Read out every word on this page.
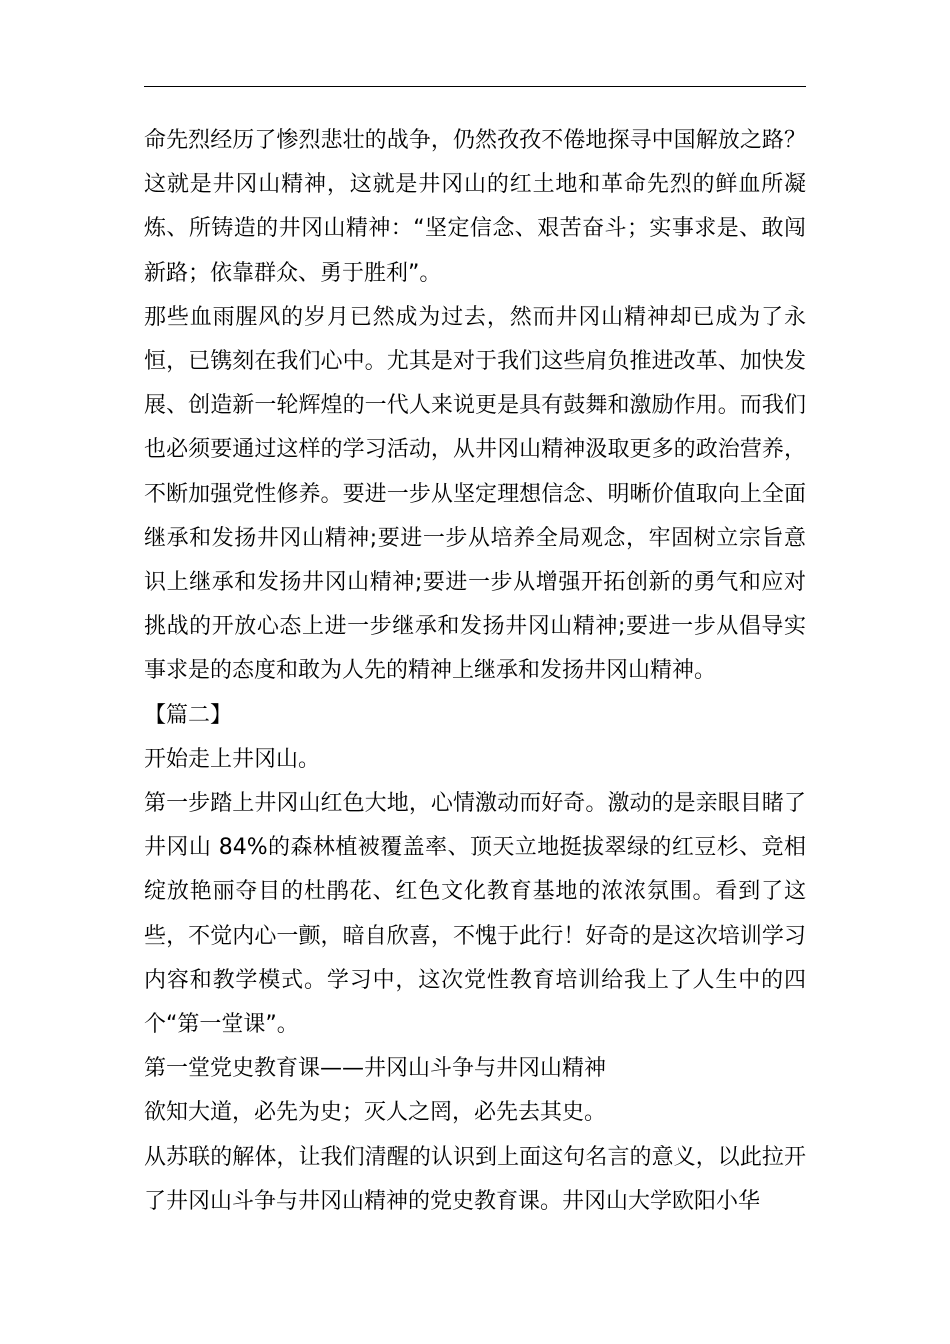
命先烈经历了惨烈悲壮的战争，仍然孜孜不倦地探寻中国解放之路？这就是井冈山精神，这就是井冈山的红土地和革命先烈的鲜血所凝炼、所铸造的井冈山精神：“坚定信念、艰苦奋斗；实事求是、敢闯新路；依靠群众、勇于胜利”。

那些血雨腥风的岁月已然成为过去，然而井冈山精神却已成为了永恒，已镌刻在我们心中。尤其是对于我们这些肩负推进改革、加快发展、创造新一轮辉煌的一代人来说更是具有鼓舞和激励作用。而我们也必须要通过这样的学习活动，从井冈山精神汲取更多的政治营养，不断加强党性修养。要进一步从坚定理想信念、明晰价值取向上全面继承和发扬井冈山精神;要进一步从培养全局观念，牢固树立宗旨意识上继承和发扬井冈山精神;要进一步从增强开拓创新的勇气和应对挑战的开放心态上进一步继承和发扬井冈山精神;要进一步从倡导实事求是的态度和敢为人先的精神上继承和发扬井冈山精神。

【篇二】

开始走上井冈山。

第一步踏上井冈山红色大地，心情激动而好奇。激动的是亲眼目睹了井冈山 84%的森林植被覆盖率、顶天立地挺拔翠绿的红豆杉、竞相绽放艳丽夺目的杜鹃花、红色文化教育基地的浓浓氛围。看到了这些，不觉内心一颤，暗自欣喜，不愧于此行！好奇的是这次培训学习内容和教学模式。学习中，这次党性教育培训给我上了人生中的四个“第一堂课”。

第一堂党史教育课——井冈山斗争与井冈山精神

欲知大道，必先为史；灭人之罔，必先去其史。

从苏联的解体，让我们清醒的认识到上面这句名言的意义，以此拉开了井冈山斗争与井冈山精神的党史教育课。井冈山大学欧阳小华
